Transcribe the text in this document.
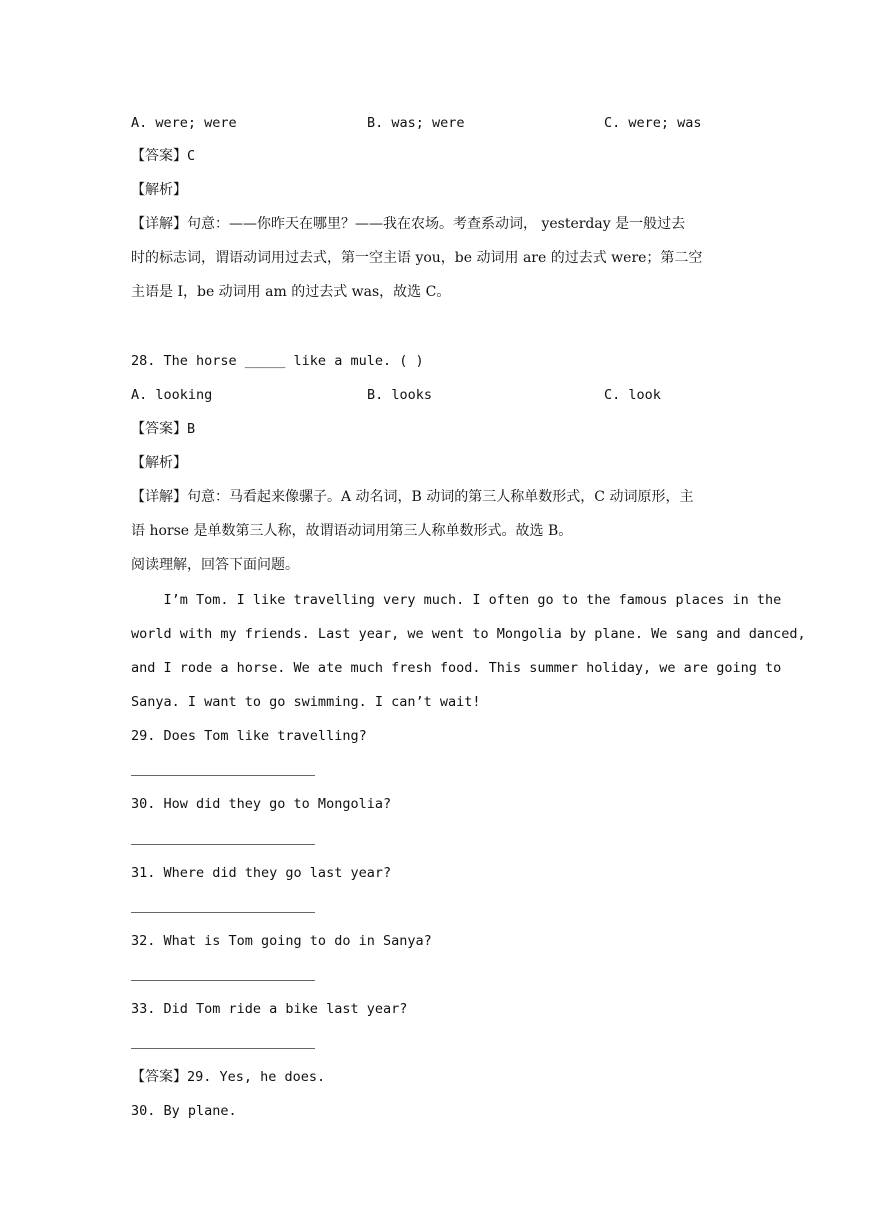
A. were; were	B. was; were	C. were; was
【答案】C
【解析】
【详解】句意：——你昨天在哪里？——我在农场。考查系动词， yesterday 是一般过去
时的标志词，谓语动词用过去式，第一空主语 you，be 动词用 are 的过去式 were；第二空
主语是 I，be 动词用 am 的过去式 was，故选 C。
28. The horse _____ like a mule. ( )
A. looking	B. looks	C. look
【答案】B
【解析】
【详解】句意：马看起来像骡子。A 动名词，B 动词的第三人称单数形式，C 动词原形，主
语 horse 是单数第三人称，故谓语动词用第三人称单数形式。故选 B。
阅读理解，回答下面问题。
I’m Tom. I like travelling very much. I often go to the famous places in the
world with my friends. Last year, we went to Mongolia by plane. We sang and danced,
and I rode a horse. We ate much fresh food. This summer holiday, we are going to
Sanya. I want to go swimming. I can’t wait!
29. Does Tom like travelling?
30. How did they go to Mongolia?
31. Where did they go last year?
32. What is Tom going to do in Sanya?
33. Did Tom ride a bike last year?
【答案】29. Yes, he does.
30. By plane.
